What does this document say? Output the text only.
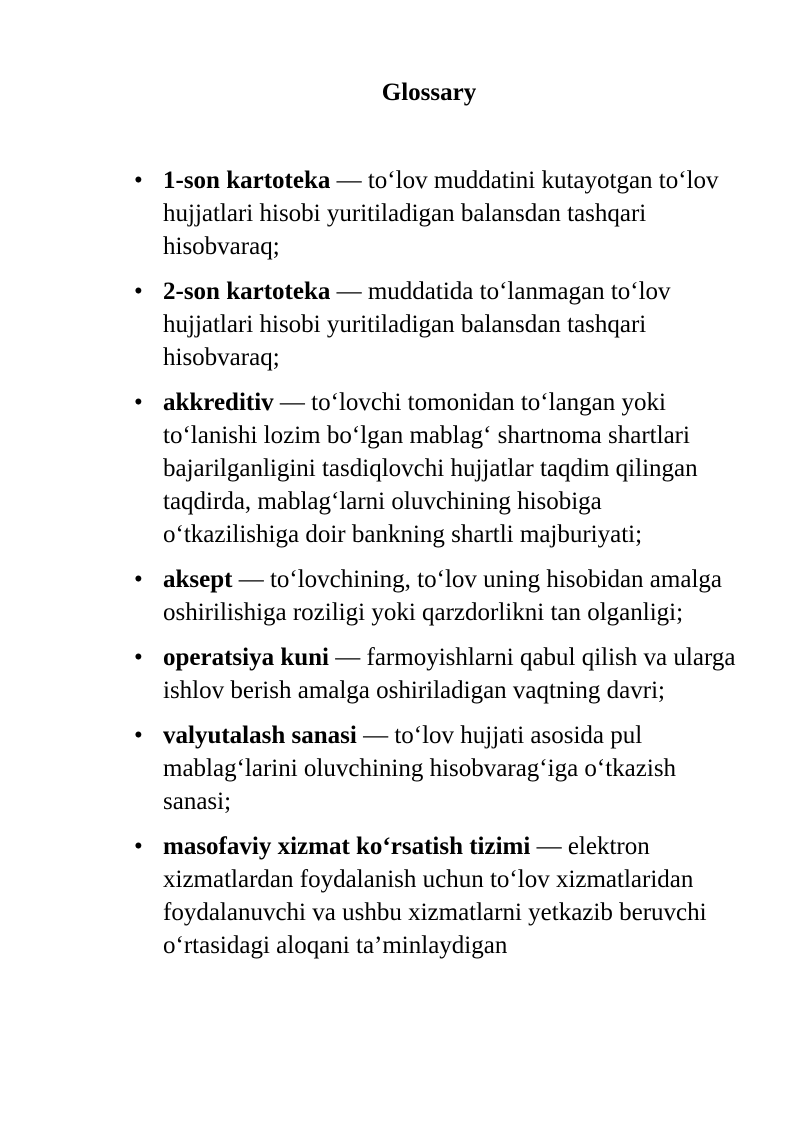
Glossary
• 1-son kartoteka — to‘lov muddatini kutayotgan to‘lov hujjatlari hisobi yuritiladigan balansdan tashqari hisobvaraq;
• 2-son kartoteka — muddatida to‘lanmagan to‘lov hujjatlari hisobi yuritiladigan balansdan tashqari hisobvaraq;
• akkreditiv — to‘lovchi tomonidan to‘langan yoki to‘lanishi lozim bo‘lgan mablag‘ shartnoma shartlari bajarilganligini tasdiqlovchi hujjatlar taqdim qilingan taqdirda, mablag‘larni oluvchining hisobiga o‘tkazilishiga doir bankning shartli majburiyati;
• aksept — to‘lovchining, to‘lov uning hisobidan amalga oshirilishiga roziligi yoki qarzdorlikni tan olganligi;
• operatsiya kuni — farmoyishlarni qabul qilish va ularga ishlov berish amalga oshiriladigan vaqtning davri;
• valyutalash sanasi — to‘lov hujjati asosida pul mablag‘larini oluvchining hisobvarag‘iga o‘tkazish sanasi;
• masofaviy xizmat ko‘rsatish tizimi — elektron xizmatlardan foydalanish uchun to‘lov xizmatlaridan foydalanuvchi va ushbu xizmatlarni yetkazib beruvchi o‘rtasidagi aloqani ta’minlaydigan
